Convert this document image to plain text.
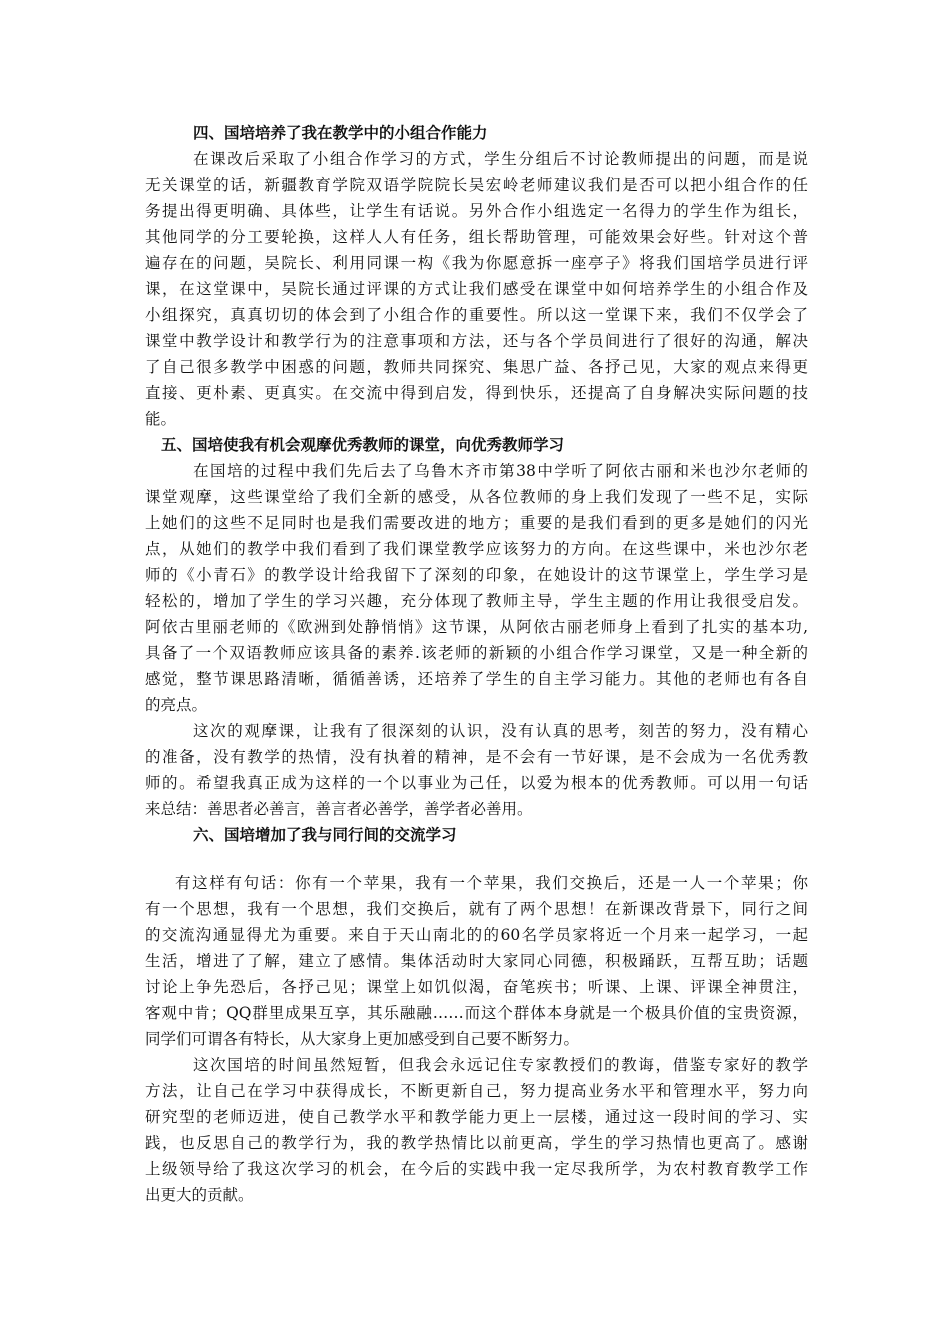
四、国培培养了我在教学中的小组合作能力
在课改后采取了小组合作学习的方式，学生分组后不讨论教师提出的问题，而是说
无关课堂的话，新疆教育学院双语学院院长吴宏岭老师建议我们是否可以把小组合作的任
务提出得更明确、具体些，让学生有话说。另外合作小组选定一名得力的学生作为组长，
其他同学的分工要轮换，这样人人有任务，组长帮助管理，可能效果会好些。针对这个普
遍存在的问题，吴院长、利用同课一构《我为你愿意拆一座亭子》将我们国培学员进行评
课，在这堂课中，吴院长通过评课的方式让我们感受在课堂中如何培养学生的小组合作及
小组探究，真真切切的体会到了小组合作的重要性。所以这一堂课下来，我们不仅学会了
课堂中教学设计和教学行为的注意事项和方法，还与各个学员间进行了很好的沟通，解决
了自己很多教学中困惑的问题，教师共同探究、集思广益、各抒己见，大家的观点来得更
直接、更朴素、更真实。在交流中得到启发，得到快乐，还提高了自身解决实际问题的技
能。
五、国培使我有机会观摩优秀教师的课堂，向优秀教师学习
在国培的过程中我们先后去了乌鲁木齐市第38中学听了阿依古丽和米也沙尔老师的
课堂观摩，这些课堂给了我们全新的感受，从各位教师的身上我们发现了一些不足，实际
上她们的这些不足同时也是我们需要改进的地方；重要的是我们看到的更多是她们的闪光
点，从她们的教学中我们看到了我们课堂教学应该努力的方向。在这些课中，米也沙尔老
师的《小青石》的教学设计给我留下了深刻的印象，在她设计的这节课堂上，学生学习是
轻松的，增加了学生的学习兴趣，充分体现了教师主导，学生主题的作用让我很受启发。
阿依古里丽老师的《欧洲到处静悄悄》这节课，从阿依古丽老师身上看到了扎实的基本功,
具备了一个双语教师应该具备的素养.该老师的新颖的小组合作学习课堂，又是一种全新的
感觉，整节课思路清晰，循循善诱，还培养了学生的自主学习能力。其他的老师也有各自
的亮点。
这次的观摩课，让我有了很深刻的认识，没有认真的思考，刻苦的努力，没有精心
的准备，没有教学的热情，没有执着的精神，是不会有一节好课，是不会成为一名优秀教
师的。希望我真正成为这样的一个以事业为己任，以爱为根本的优秀教师。可以用一句话
来总结：善思者必善言，善言者必善学，善学者必善用。
六、国培增加了我与同行间的交流学习
有这样有句话：你有一个苹果，我有一个苹果，我们交换后，还是一人一个苹果；你
有一个思想，我有一个思想，我们交换后，就有了两个思想！在新课改背景下，同行之间
的交流沟通显得尤为重要。来自于天山南北的的60名学员家将近一个月来一起学习，一起
生活，增进了了解，建立了感情。集体活动时大家同心同德，积极踊跃，互帮互助；话题
讨论上争先恐后，各抒己见；课堂上如饥似渴，奋笔疾书；听课、上课、评课全神贯注，
客观中肯；QQ群里成果互享，其乐融融……而这个群体本身就是一个极具价值的宝贵资源，
同学们可谓各有特长，从大家身上更加感受到自己要不断努力。
这次国培的时间虽然短暂，但我会永远记住专家教授们的教诲，借鉴专家好的教学
方法，让自己在学习中获得成长，不断更新自己，努力提高业务水平和管理水平，努力向
研究型的老师迈进，使自己教学水平和教学能力更上一层楼，通过这一段时间的学习、实
践，也反思自己的教学行为，我的教学热情比以前更高，学生的学习热情也更高了。感谢
上级领导给了我这次学习的机会，在今后的实践中我一定尽我所学，为农村教育教学工作
出更大的贡献。
